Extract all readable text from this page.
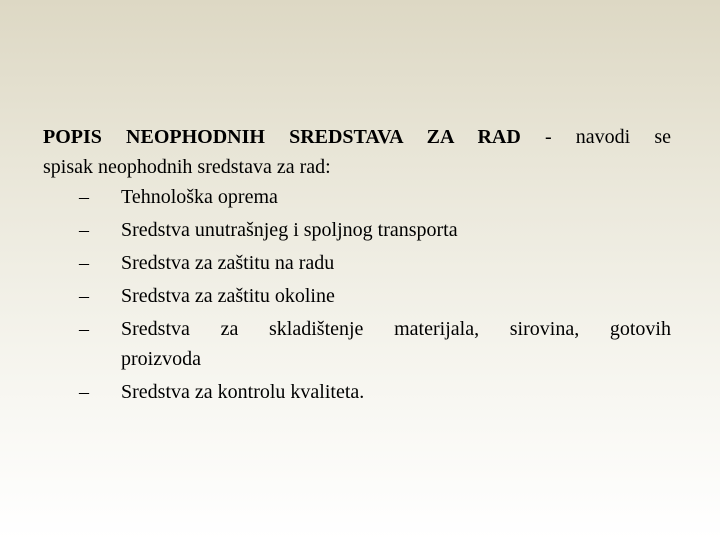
POPIS NEOPHODNIH SREDSTAVA ZA RAD - navodi se
spisak neophodnih sredstava za rad:

– Tehnološka oprema
– Sredstva unutrašnjeg i spoljnog transporta
– Sredstva za zaštitu na radu
– Sredstva za zaštitu okoline
– Sredstva za skladištenje materijala, sirovina, gotovih
proizvoda
– Sredstva za kontrolu kvaliteta.
